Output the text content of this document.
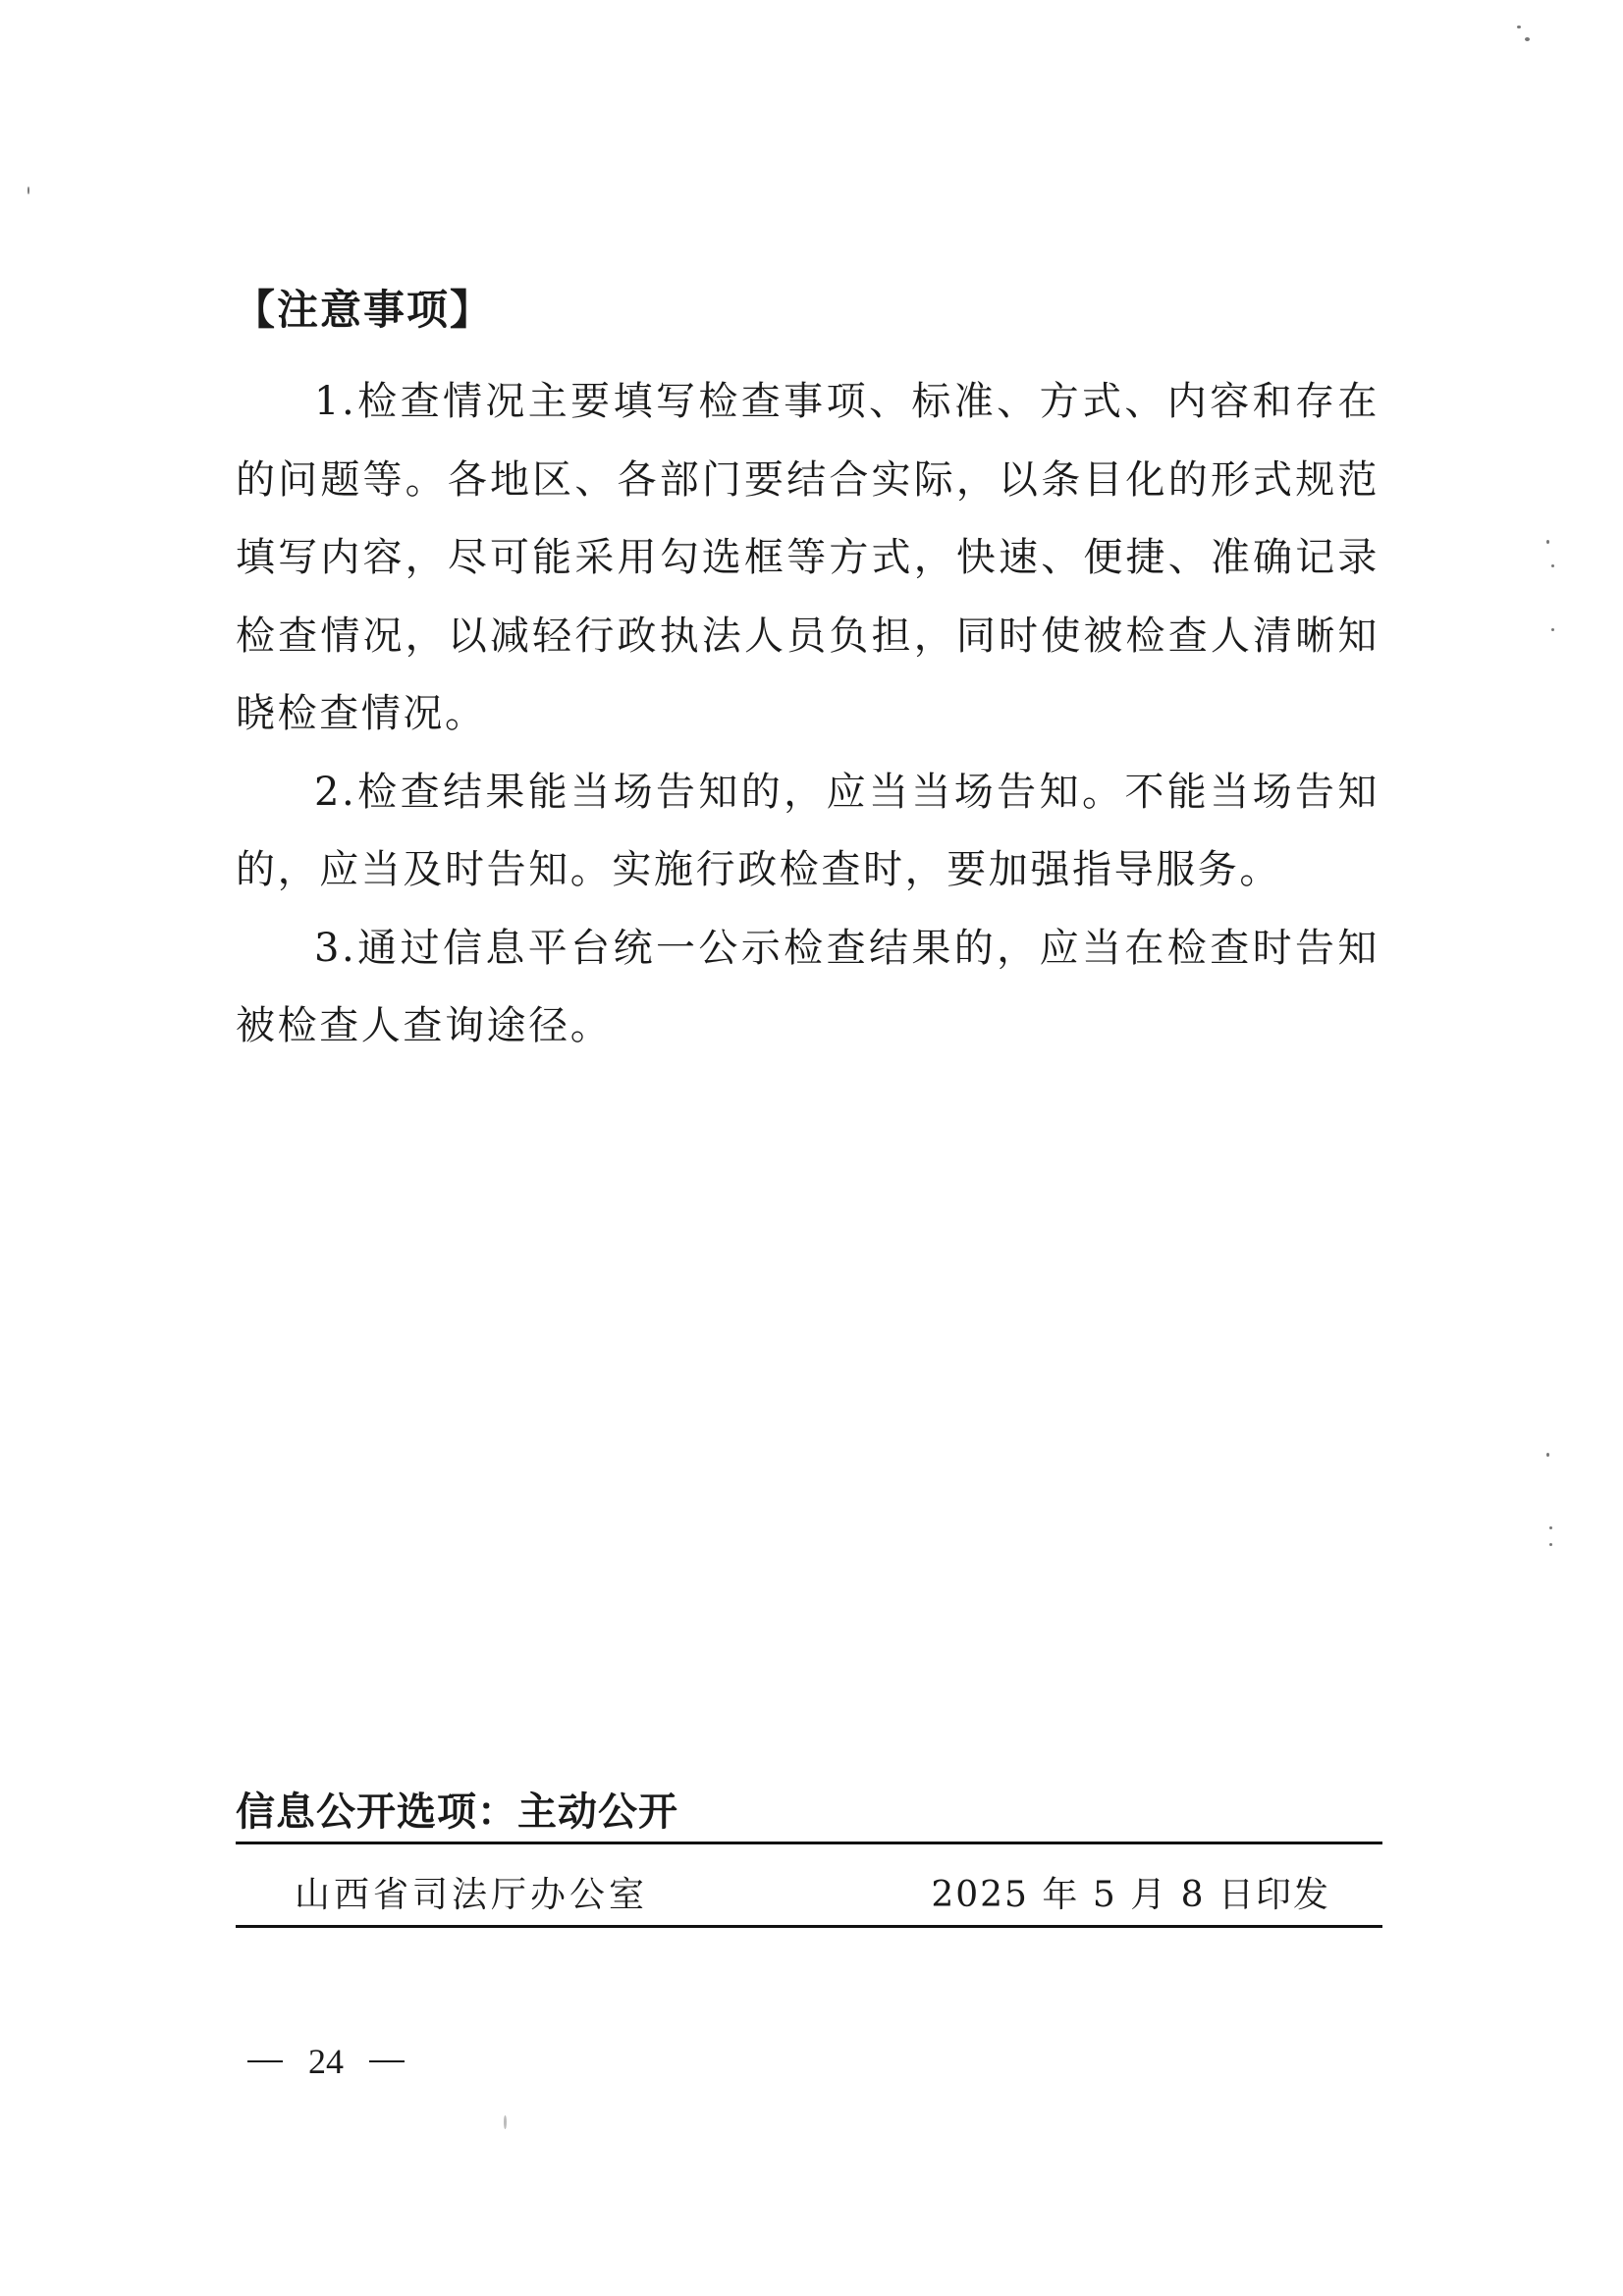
【注意事项】

1.检查情况主要填写检查事项、标准、方式、内容和存在的问题等。各地区、各部门要结合实际，以条目化的形式规范填写内容，尽可能采用勾选框等方式，快速、便捷、准确记录检查情况，以减轻行政执法人员负担，同时使被检查人清晰知晓检查情况。

2.检查结果能当场告知的，应当当场告知。不能当场告知的，应当及时告知。实施行政检查时，要加强指导服务。

3.通过信息平台统一公示检查结果的，应当在检查时告知被检查人查询途径。

信息公开选项：主动公开
山西省司法厅办公室	2025 年 5 月 8 日印发
24
